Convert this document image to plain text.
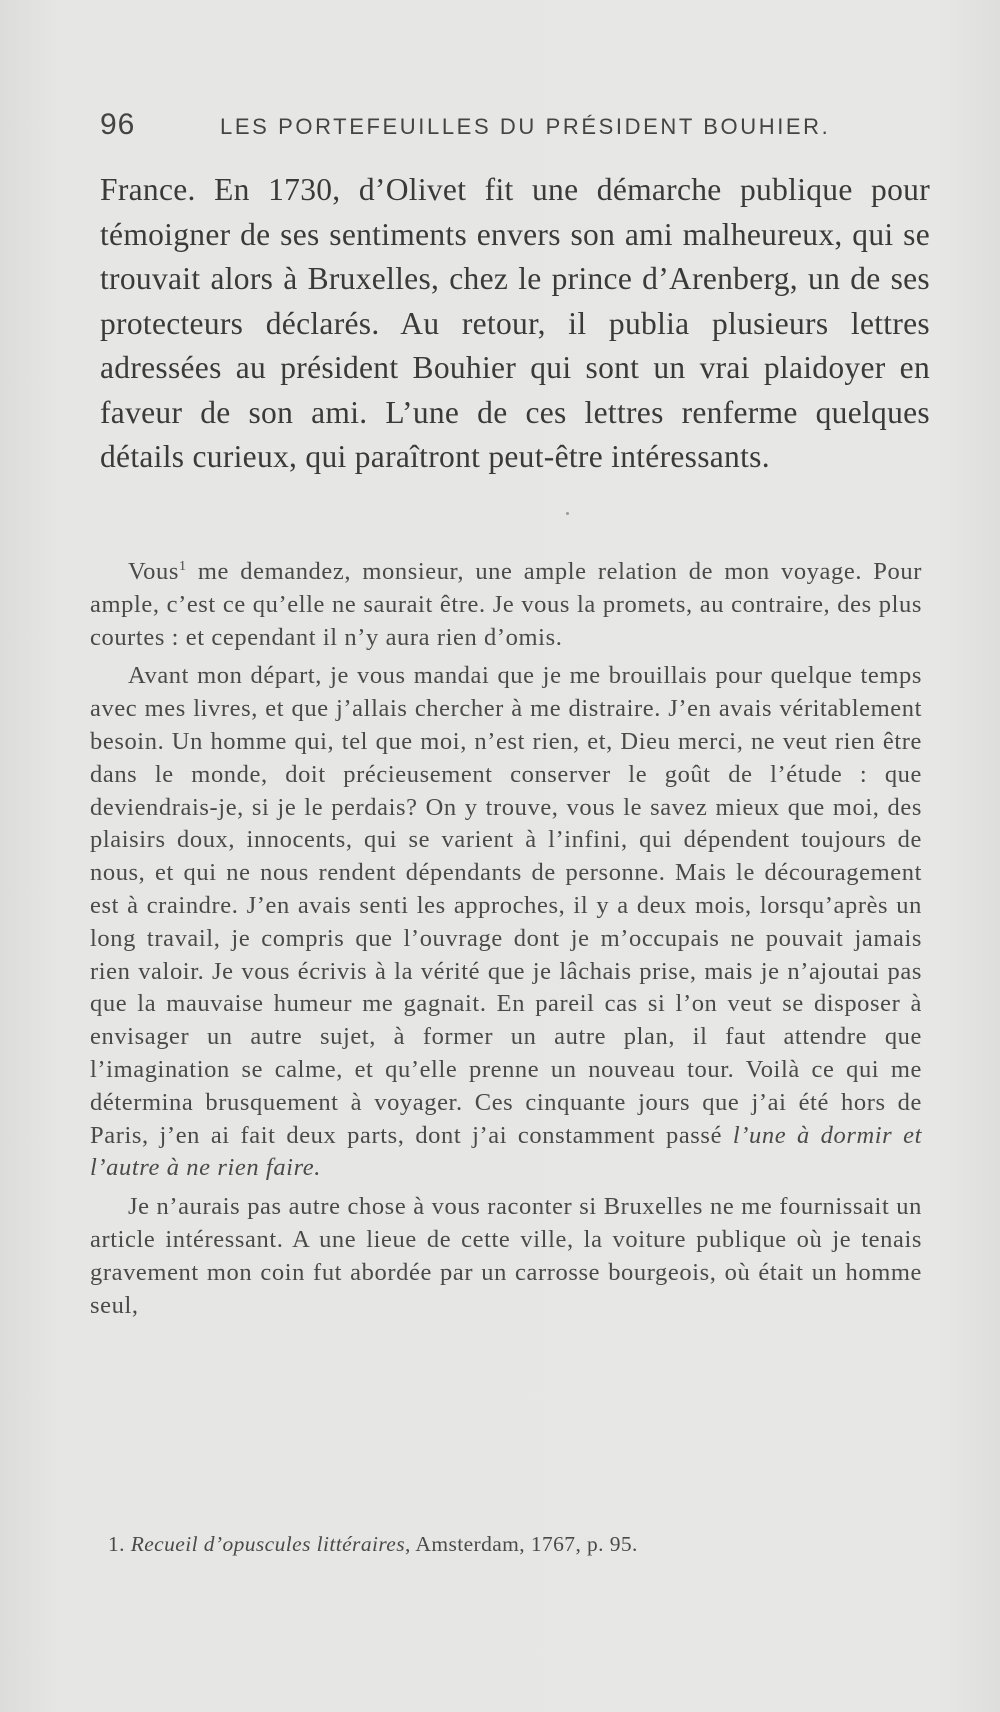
96	LES PORTEFEUILLES DU PRÉSIDENT BOUHIER.

France. En 1730, d’Olivet fit une démarche publique pour témoigner de ses sentiments envers son ami malheureux, qui se trouvait alors à Bruxelles, chez le prince d’Arenberg, un de ses protecteurs déclarés. Au retour, il publia plusieurs lettres adressées au président Bouhier qui sont un vrai plaidoyer en faveur de son ami. L’une de ces lettres renferme quelques détails curieux, qui paraîtront peut-être intéressants.

Vous$^1$ me demandez, monsieur, une ample relation de mon voyage. Pour ample, c’est ce qu’elle ne saurait être. Je vous la promets, au contraire, des plus courtes : et cependant il n’y aura rien d’omis.

Avant mon départ, je vous mandai que je me brouillais pour quelque temps avec mes livres, et que j’allais chercher à me distraire. J’en avais véritablement besoin. Un homme qui, tel que moi, n’est rien, et, Dieu merci, ne veut rien être dans le monde, doit précieusement conserver le goût de l’étude : que deviendrais-je, si je le perdais? On y trouve, vous le savez mieux que moi, des plaisirs doux, innocents, qui se varient à l’infini, qui dépendent toujours de nous, et qui ne nous rendent dépendants de personne. Mais le découragement est à craindre. J’en avais senti les approches, il y a deux mois, lorsqu’après un long travail, je compris que l’ouvrage dont je m’occupais ne pouvait jamais rien valoir. Je vous écrivis à la vérité que je lâchais prise, mais je n’ajoutai pas que la mauvaise humeur me gagnait. En pareil cas si l’on veut se disposer à envisager un autre sujet, à former un autre plan, il faut attendre que l’imagination se calme, et qu’elle prenne un nouveau tour. Voilà ce qui me détermina brusquement à voyager. Ces cinquante jours que j’ai été hors de Paris, j’en ai fait deux parts, dont j’ai constamment passé l’une à dormir et l’autre à ne rien faire.

Je n’aurais pas autre chose à vous raconter si Bruxelles ne me fournissait un article intéressant. A une lieue de cette ville, la voiture publique où je tenais gravement mon coin fut abordée par un carrosse bourgeois, où était un homme seul,

1. Recueil d’opuscules littéraires, Amsterdam, 1767, p. 95.
